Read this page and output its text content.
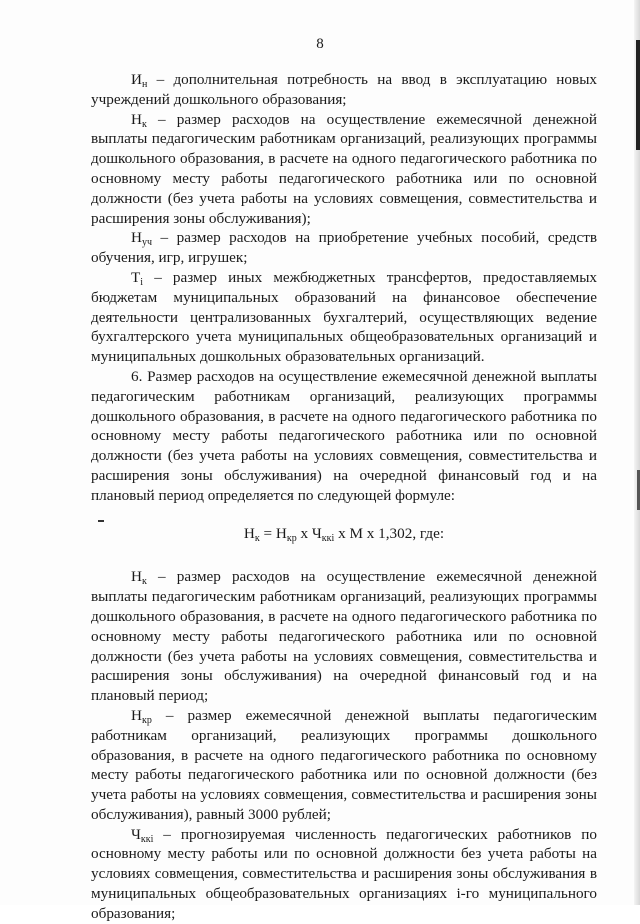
8

$И_н$ – дополнительная потребность на ввод в эксплуатацию новых учреждений дошкольного образования;

$Н_к$ – размер расходов на осуществление ежемесячной денежной выплаты педагогическим работникам организаций, реализующих программы дошкольного образования, в расчете на одного педагогического работника по основному месту работы педагогического работника или по основной должности (без учета работы на условиях совмещения, совместительства и расширения зоны обслуживания);

$Н_{уч}$ – размер расходов на приобретение учебных пособий, средств обучения, игр, игрушек;

$T_i$ – размер иных межбюджетных трансфертов, предоставляемых бюджетам муниципальных образований на финансовое обеспечение деятельности централизованных бухгалтерий, осуществляющих ведение бухгалтерского учета муниципальных общеобразовательных организаций и муниципальных дошкольных образовательных организаций.

6. Размер расходов на осуществление ежемесячной денежной выплаты педагогическим работникам организаций, реализующих программы дошкольного образования, в расчете на одного педагогического работника по основному месту работы педагогического работника или по основной должности (без учета работы на условиях совмещения, совместительства и расширения зоны обслуживания) на очередной финансовый год и на плановый период определяется по следующей формуле:

$Н_к = Н_{кр}$ х $Ч_{ккі}$ х М х 1,302, где:

$Н_к$ – размер расходов на осуществление ежемесячной денежной выплаты педагогическим работникам организаций, реализующих программы дошкольного образования, в расчете на одного педагогического работника по основному месту работы педагогического работника или по основной должности (без учета работы на условиях совмещения, совместительства и расширения зоны обслуживания) на очередной финансовый год и на плановый период;

$Н_{кр}$ – размер ежемесячной денежной выплаты педагогическим работникам организаций, реализующих программы дошкольного образования, в расчете на одного педагогического работника по основному месту работы педагогического работника или по основной должности (без учета работы на условиях совмещения, совместительства и расширения зоны обслуживания), равный 3000 рублей;

$Ч_{ккі}$ – прогнозируемая численность педагогических работников по основному месту работы или по основной должности без учета работы на условиях совмещения, совместительства и расширения зоны обслуживания в муниципальных общеобразовательных организациях і-го муниципального образования;
